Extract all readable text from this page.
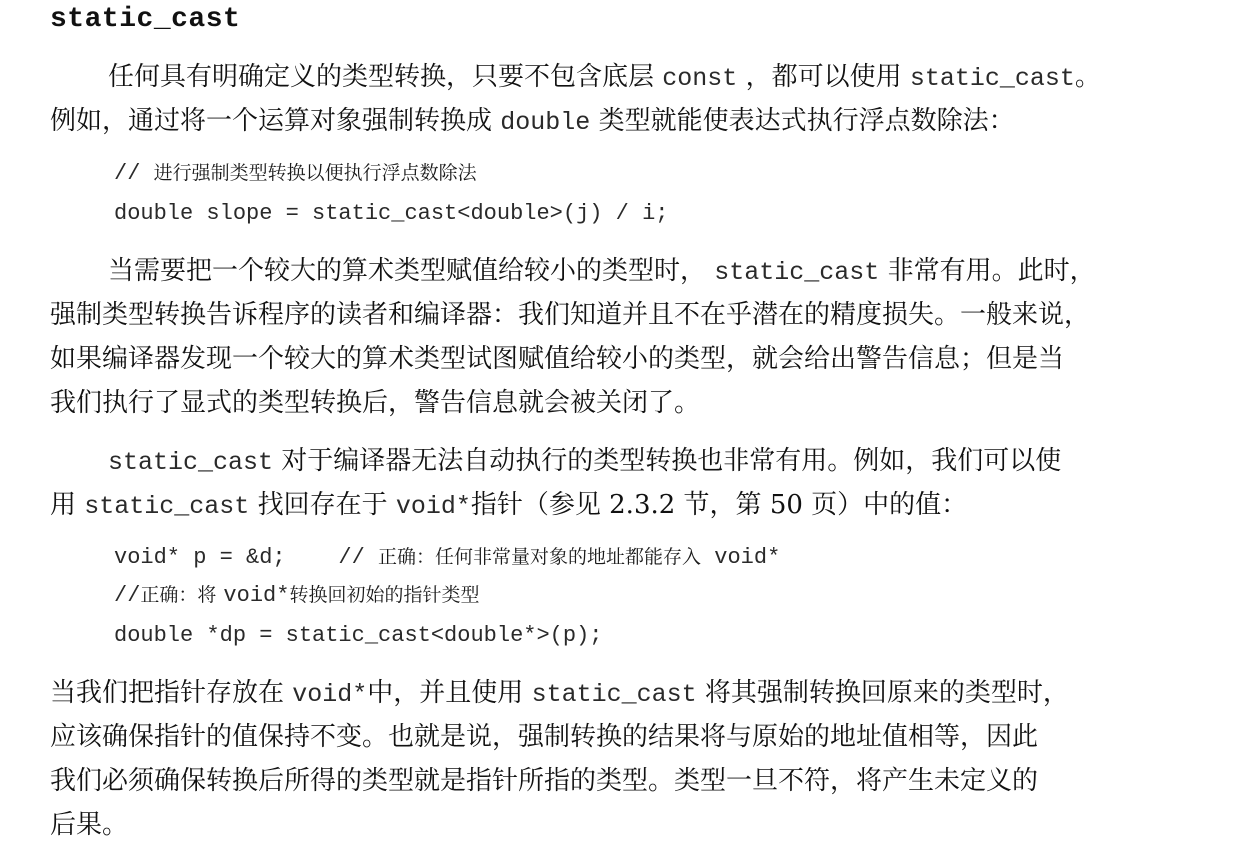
static_cast
任何具有明确定义的类型转换，只要不包含底层 const ，都可以使用 static_cast。
例如，通过将一个运算对象强制转换成 double 类型就能使表达式执行浮点数除法：
// 进行强制类型转换以便执行浮点数除法
double slope = static_cast<double>(j) / i;
当需要把一个较大的算术类型赋值给较小的类型时， static_cast 非常有用。此时，
强制类型转换告诉程序的读者和编译器：我们知道并且不在乎潜在的精度损失。一般来说，
如果编译器发现一个较大的算术类型试图赋值给较小的类型，就会给出警告信息；但是当
我们执行了显式的类型转换后，警告信息就会被关闭了。
static_cast 对于编译器无法自动执行的类型转换也非常有用。例如，我们可以使
用 static_cast 找回存在于 void*指针（参见 2.3.2 节，第 50 页）中的值：
void* p = &d;    // 正确：任何非常量对象的地址都能存入 void*
//正确：将 void*转换回初始的指针类型
double *dp = static_cast<double*>(p);
当我们把指针存放在 void*中，并且使用 static_cast 将其强制转换回原来的类型时，
应该确保指针的值保持不变。也就是说，强制转换的结果将与原始的地址值相等，因此
我们必须确保转换后所得的类型就是指针所指的类型。类型一旦不符，将产生未定义的
后果。
